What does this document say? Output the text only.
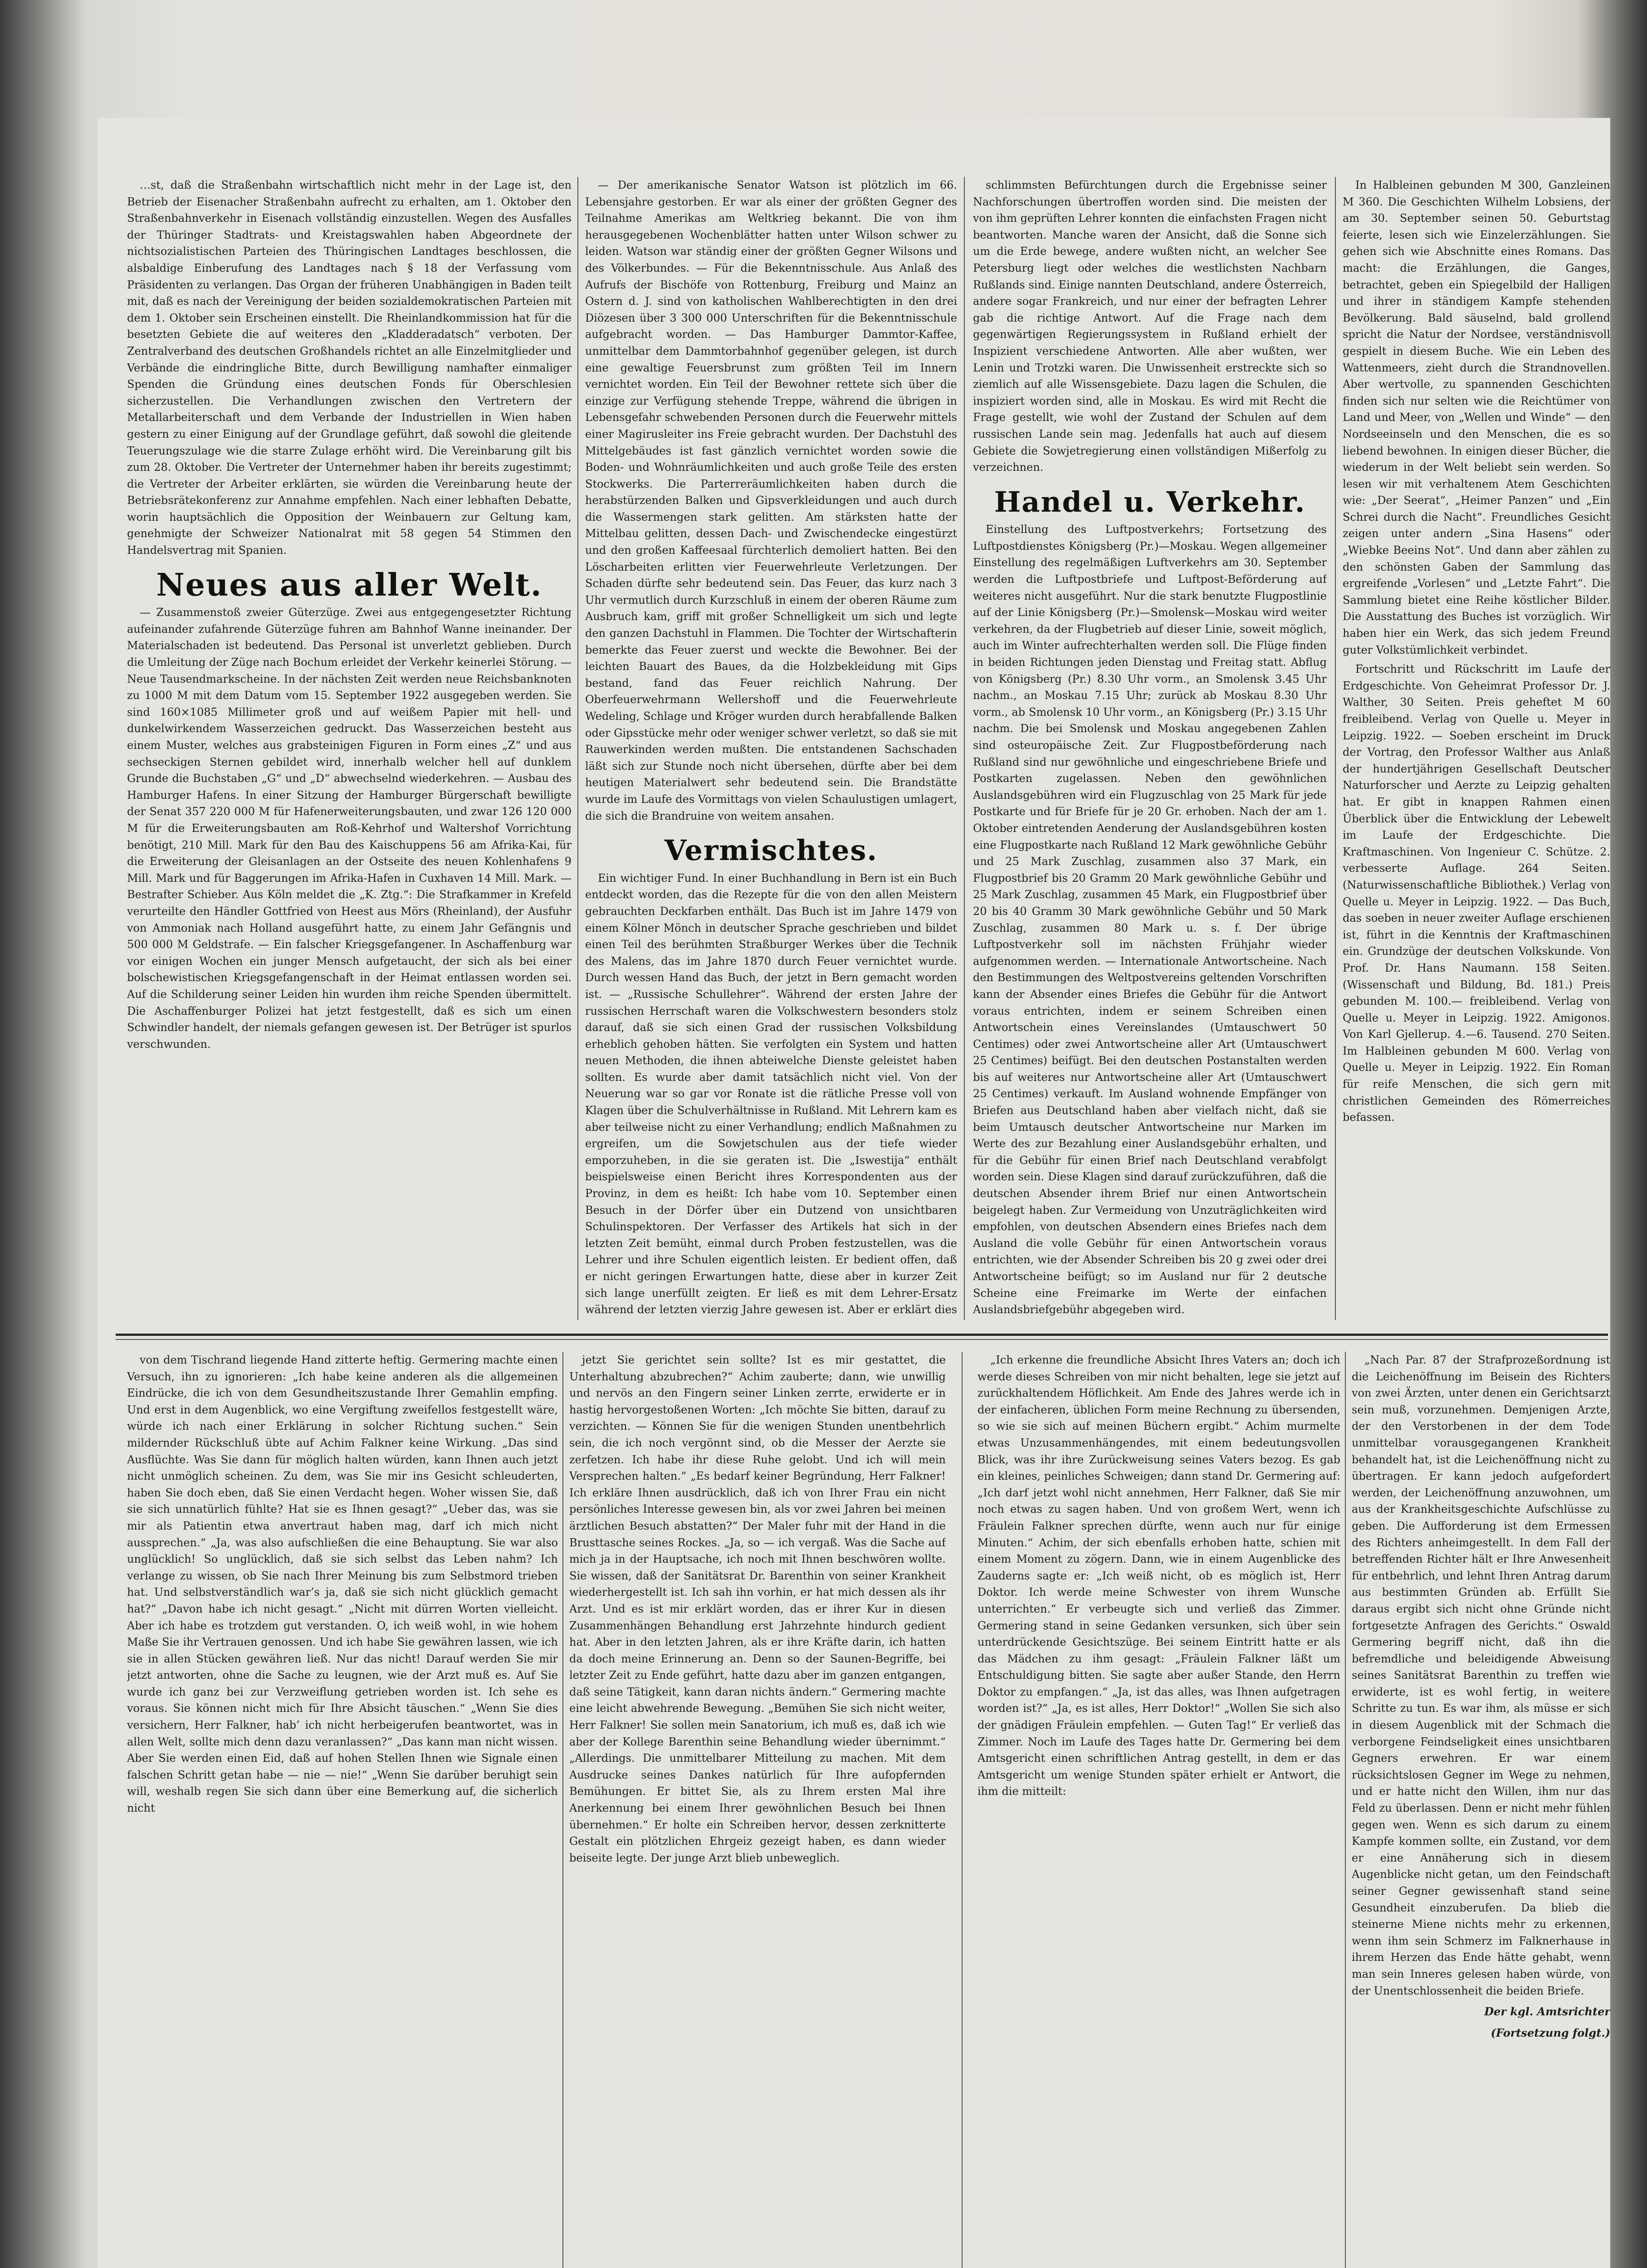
…st, daß die Straßenbahn wirtschaftlich nicht mehr in der Lage ist, den Betrieb der Eisenacher Straßenbahn aufrecht zu erhalten, am 1. Oktober den Straßenbahnverkehr in Eisenach vollständig einzustellen. Wegen des Ausfalles der Thüringer Stadtrats- und Kreistagswahlen haben Abgeordnete der nichtsozialistischen Parteien des Thüringischen Landtages beschlossen, die alsbaldige Einberufung des Landtages nach § 18 der Verfassung vom Präsidenten zu verlangen. Das Organ der früheren Unabhängigen in Baden teilt mit, daß es nach der Vereinigung der beiden sozialdemokratischen Parteien mit dem 1. Oktober sein Erscheinen einstellt. Die Rheinlandkommission hat für die besetzten Gebiete die auf weiteres den „Kladderadatsch“ verboten. Der Zentralverband des deutschen Großhandels richtet an alle Einzelmitglieder und Verbände die eindringliche Bitte, durch Bewilligung namhafter einmaliger Spenden die Gründung eines deutschen Fonds für Oberschlesien sicherzustellen. Die Verhandlungen zwischen den Vertretern der Metallarbeiterschaft und dem Verbande der Industriellen in Wien haben gestern zu einer Einigung auf der Grundlage geführt, daß sowohl die gleitende Teuerungszulage wie die starre Zulage erhöht wird. Die Vereinbarung gilt bis zum 28. Oktober. Die Vertreter der Unternehmer haben ihr bereits zugestimmt; die Vertreter der Arbeiter erklärten, sie würden die Vereinbarung heute der Betriebsrätekonferenz zur Annahme empfehlen. Nach einer lebhaften Debatte, worin hauptsächlich die Opposition der Weinbauern zur Geltung kam, genehmigte der Schweizer Nationalrat mit 58 gegen 54 Stimmen den Handelsvertrag mit Spanien.

Neues aus aller Welt.

— Zusammenstoß zweier Güterzüge. Zwei aus entgegengesetzter Richtung aufeinander zufahrende Güterzüge fuhren am Bahnhof Wanne ineinander. Der Materialschaden ist bedeutend. Das Personal ist unverletzt geblieben. Durch die Umleitung der Züge nach Bochum erleidet der Verkehr keinerlei Störung. — Neue Tausendmarkscheine. In der nächsten Zeit werden neue Reichsbanknoten zu 1000 M mit dem Datum vom 15. September 1922 ausgegeben werden. Sie sind 160×1085 Millimeter groß und auf weißem Papier mit hell- und dunkelwirkendem Wasserzeichen gedruckt. Das Wasserzeichen besteht aus einem Muster, welches aus grabsteinigen Figuren in Form eines „Z“ und aus sechseckigen Sternen gebildet wird, innerhalb welcher hell auf dunklem Grunde die Buchstaben „G“ und „D“ abwechselnd wiederkehren. — Ausbau des Hamburger Hafens. In einer Sitzung der Hamburger Bürgerschaft bewilligte der Senat 357 220 000 M für Hafenerweiterungsbauten, und zwar 126 120 000 M für die Erweiterungsbauten am Roß-Kehrhof und Waltershof Vorrichtung benötigt, 210 Mill. Mark für den Bau des Kaischuppens 56 am Afrika-Kai, für die Erweiterung der Gleisanlagen an der Ostseite des neuen Kohlenhafens 9 Mill. Mark und für Baggerungen im Afrika-Hafen in Cuxhaven 14 Mill. Mark. — Bestrafter Schieber. Aus Köln meldet die „K. Ztg.“: Die Strafkammer in Krefeld verurteilte den Händler Gottfried von Heest aus Mörs (Rheinland), der Ausfuhr von Ammoniak nach Holland ausgeführt hatte, zu einem Jahr Gefängnis und 500 000 M Geldstrafe. — Ein falscher Kriegsgefangener. In Aschaffenburg war vor einigen Wochen ein junger Mensch aufgetaucht, der sich als bei einer bolschewistischen Kriegsgefangenschaft in der Heimat entlassen worden sei. Auf die Schilderung seiner Leiden hin wurden ihm reiche Spenden übermittelt. Die Aschaffenburger Polizei hat jetzt festgestellt, daß es sich um einen Schwindler handelt, der niemals gefangen gewesen ist. Der Betrüger ist spurlos verschwunden.

— Der amerikanische Senator Watson ist plötzlich im 66. Lebensjahre gestorben. Er war als einer der größten Gegner des Teilnahme Amerikas am Weltkrieg bekannt. Die von ihm herausgegebenen Wochenblätter hatten unter Wilson schwer zu leiden. Watson war ständig einer der größten Gegner Wilsons und des Völkerbundes. — Für die Bekenntnisschule. Aus Anlaß des Aufrufs der Bischöfe von Rottenburg, Freiburg und Mainz an Ostern d. J. sind von katholischen Wahlberechtigten in den drei Diözesen über 3 300 000 Unterschriften für die Bekenntnisschule aufgebracht worden. — Das Hamburger Dammtor-Kaffee, unmittelbar dem Dammtorbahnhof gegenüber gelegen, ist durch eine gewaltige Feuersbrunst zum größten Teil im Innern vernichtet worden. Ein Teil der Bewohner rettete sich über die einzige zur Verfügung stehende Treppe, während die übrigen in Lebensgefahr schwebenden Personen durch die Feuerwehr mittels einer Magirusleiter ins Freie gebracht wurden. Der Dachstuhl des Mittelgebäudes ist fast gänzlich vernichtet worden sowie die Boden- und Wohnräumlichkeiten und auch große Teile des ersten Stockwerks. Die Parterreräumlichkeiten haben durch die herabstürzenden Balken und Gipsverkleidungen und auch durch die Wassermengen stark gelitten. Am stärksten hatte der Mittelbau gelitten, dessen Dach- und Zwischendecke eingestürzt und den großen Kaffeesaal fürchterlich demoliert hatten. Bei den Löscharbeiten erlitten vier Feuerwehrleute Verletzungen. Der Schaden dürfte sehr bedeutend sein. Das Feuer, das kurz nach 3 Uhr vermutlich durch Kurzschluß in einem der oberen Räume zum Ausbruch kam, griff mit großer Schnelligkeit um sich und legte den ganzen Dachstuhl in Flammen. Die Tochter der Wirtschafterin bemerkte das Feuer zuerst und weckte die Bewohner. Bei der leichten Bauart des Baues, da die Holzbekleidung mit Gips bestand, fand das Feuer reichlich Nahrung. Der Oberfeuerwehrmann Wellershoff und die Feuerwehrleute Wedeling, Schlage und Kröger wurden durch herabfallende Balken oder Gipsstücke mehr oder weniger schwer verletzt, so daß sie mit Rauwerkinden werden mußten. Die entstandenen Sachschaden läßt sich zur Stunde noch nicht übersehen, dürfte aber bei dem heutigen Materialwert sehr bedeutend sein. Die Brandstätte wurde im Laufe des Vormittags von vielen Schaulustigen umlagert, die sich die Brandruine von weitem ansahen.

Vermischtes.

Ein wichtiger Fund. In einer Buchhandlung in Bern ist ein Buch entdeckt worden, das die Rezepte für die von den allen Meistern gebrauchten Deckfarben enthält. Das Buch ist im Jahre 1479 von einem Kölner Mönch in deutscher Sprache geschrieben und bildet einen Teil des berühmten Straßburger Werkes über die Technik des Malens, das im Jahre 1870 durch Feuer vernichtet wurde. Durch wessen Hand das Buch, der jetzt in Bern gemacht worden ist. — „Russische Schullehrer“. Während der ersten Jahre der russischen Herrschaft waren die Volkschwestern besonders stolz darauf, daß sie sich einen Grad der russischen Volksbildung erheblich gehoben hätten. Sie verfolgten ein System und hatten neuen Methoden, die ihnen abteiwelche Dienste geleistet haben sollten. Es wurde aber damit tatsächlich nicht viel. Von der Neuerung war so gar vor Ronate ist die rätliche Presse voll von Klagen über die Schulverhältnisse in Rußland. Mit Lehrern kam es aber teilweise nicht zu einer Verhandlung; endlich Maßnahmen zu ergreifen, um die Sowjetschulen aus der tiefe wieder emporzuheben, in die sie geraten ist. Die „Iswestija“ enthält beispielsweise einen Bericht ihres Korrespondenten aus der Provinz, in dem es heißt: Ich habe vom 10. September einen Besuch in der Dörfer über ein Dutzend von unsichtbaren Schulinspektoren. Der Verfasser des Artikels hat sich in der letzten Zeit bemüht, einmal durch Proben festzustellen, was die Lehrer und ihre Schulen eigentlich leisten. Er bedient offen, daß er nicht geringen Erwartungen hatte, diese aber in kurzer Zeit sich lange unerfüllt zeigten. Er ließ es mit dem Lehrer-Ersatz während der letzten vierzig Jahre gewesen ist. Aber er erklärt dies

schlimmsten Befürchtungen durch die Ergebnisse seiner Nachforschungen übertroffen worden sind. Die meisten der von ihm geprüften Lehrer konnten die einfachsten Fragen nicht beantworten. Manche waren der Ansicht, daß die Sonne sich um die Erde bewege, andere wußten nicht, an welcher See Petersburg liegt oder welches die westlichsten Nachbarn Rußlands sind. Einige nannten Deutschland, andere Österreich, andere sogar Frankreich, und nur einer der befragten Lehrer gab die richtige Antwort. Auf die Frage nach dem gegenwärtigen Regierungssystem in Rußland erhielt der Inspizient verschiedene Antworten. Alle aber wußten, wer Lenin und Trotzki waren. Die Unwissenheit erstreckte sich so ziemlich auf alle Wissensgebiete. Dazu lagen die Schulen, die inspiziert worden sind, alle in Moskau. Es wird mit Recht die Frage gestellt, wie wohl der Zustand der Schulen auf dem russischen Lande sein mag. Jedenfalls hat auch auf diesem Gebiete die Sowjetregierung einen vollständigen Mißerfolg zu verzeichnen.

Handel u. Verkehr.

Einstellung des Luftpostverkehrs; Fortsetzung des Luftpostdienstes Königsberg (Pr.)—Moskau. Wegen allgemeiner Einstellung des regelmäßigen Luftverkehrs am 30. September werden die Luftpostbriefe und Luftpost-Beförderung auf weiteres nicht ausgeführt. Nur die stark benutzte Flugpostlinie auf der Linie Königsberg (Pr.)—Smolensk—Moskau wird weiter verkehren, da der Flugbetrieb auf dieser Linie, soweit möglich, auch im Winter aufrechterhalten werden soll. Die Flüge finden in beiden Richtungen jeden Dienstag und Freitag statt. Abflug von Königsberg (Pr.) 8.30 Uhr vorm., an Smolensk 3.45 Uhr nachm., an Moskau 7.15 Uhr; zurück ab Moskau 8.30 Uhr vorm., ab Smolensk 10 Uhr vorm., an Königsberg (Pr.) 3.15 Uhr nachm. Die bei Smolensk und Moskau angegebenen Zahlen sind osteuropäische Zeit. Zur Flugpostbeförderung nach Rußland sind nur gewöhnliche und eingeschriebene Briefe und Postkarten zugelassen. Neben den gewöhnlichen Auslandsgebühren wird ein Flugzuschlag von 25 Mark für jede Postkarte und für Briefe für je 20 Gr. erhoben. Nach der am 1. Oktober eintretenden Aenderung der Auslandsgebühren kosten eine Flugpostkarte nach Rußland 12 Mark gewöhnliche Gebühr und 25 Mark Zuschlag, zusammen also 37 Mark, ein Flugpostbrief bis 20 Gramm 20 Mark gewöhnliche Gebühr und 25 Mark Zuschlag, zusammen 45 Mark, ein Flugpostbrief über 20 bis 40 Gramm 30 Mark gewöhnliche Gebühr und 50 Mark Zuschlag, zusammen 80 Mark u. s. f. Der übrige Luftpostverkehr soll im nächsten Frühjahr wieder aufgenommen werden. — Internationale Antwortscheine. Nach den Bestimmungen des Weltpostvereins geltenden Vorschriften kann der Absender eines Briefes die Gebühr für die Antwort voraus entrichten, indem er seinem Schreiben einen Antwortschein eines Vereinslandes (Umtauschwert 50 Centimes) oder zwei Antwortscheine aller Art (Umtauschwert 25 Centimes) beifügt. Bei den deutschen Postanstalten werden bis auf weiteres nur Antwortscheine aller Art (Umtauschwert 25 Centimes) verkauft. Im Ausland wohnende Empfänger von Briefen aus Deutschland haben aber vielfach nicht, daß sie beim Umtausch deutscher Antwortscheine nur Marken im Werte des zur Bezahlung einer Auslandsgebühr erhalten, und für die Gebühr für einen Brief nach Deutschland verabfolgt worden sein. Diese Klagen sind darauf zurückzuführen, daß die deutschen Absender ihrem Brief nur einen Antwortschein beigelegt haben. Zur Vermeidung von Unzuträglichkeiten wird empfohlen, von deutschen Absendern eines Briefes nach dem Ausland die volle Gebühr für einen Antwortschein voraus entrichten, wie der Absender Schreiben bis 20 g zwei oder drei Antwortscheine beifügt; so im Ausland nur für 2 deutsche Scheine eine Freimarke im Werte der einfachen Auslandsbriefgebühr abgegeben wird.

In Halbleinen gebunden M 300, Ganzleinen M 360. Die Geschichten Wilhelm Lobsiens, der am 30. September seinen 50. Geburtstag feierte, lesen sich wie Einzelerzählungen. Sie gehen sich wie Abschnitte eines Romans. Das macht: die Erzählungen, die Ganges, betrachtet, geben ein Spiegelbild der Halligen und ihrer in ständigem Kampfe stehenden Bevölkerung. Bald säuselnd, bald grollend spricht die Natur der Nordsee, verständnisvoll gespielt in diesem Buche. Wie ein Leben des Wattenmeers, zieht durch die Strandnovellen. Aber wertvolle, zu spannenden Geschichten finden sich nur selten wie die Reichtümer von Land und Meer, von „Wellen und Winde“ — den Nordseeinseln und den Menschen, die es so liebend bewohnen. In einigen dieser Bücher, die wiederum in der Welt beliebt sein werden. So lesen wir mit verhaltenem Atem Geschichten wie: „Der Seerat“, „Heimer Panzen“ und „Ein Schrei durch die Nacht“. Freundliches Gesicht zeigen unter andern „Sina Hasens“ oder „Wiebke Beeins Not“. Und dann aber zählen zu den schönsten Gaben der Sammlung das ergreifende „Vorlesen“ und „Letzte Fahrt“. Die Sammlung bietet eine Reihe köstlicher Bilder. Die Ausstattung des Buches ist vorzüglich. Wir haben hier ein Werk, das sich jedem Freund guter Volkstümlichkeit verbindet.

Fortschritt und Rückschritt im Laufe der Erdgeschichte. Von Geheimrat Professor Dr. J. Walther, 30 Seiten. Preis geheftet M 60 freibleibend. Verlag von Quelle u. Meyer in Leipzig. 1922. — Soeben erscheint im Druck der Vortrag, den Professor Walther aus Anlaß der hundertjährigen Gesellschaft Deutscher Naturforscher und Aerzte zu Leipzig gehalten hat. Er gibt in knappen Rahmen einen Überblick über die Entwicklung der Lebewelt im Laufe der Erdgeschichte. Die Kraftmaschinen. Von Ingenieur C. Schütze. 2. verbesserte Auflage. 264 Seiten. (Naturwissenschaftliche Bibliothek.) Verlag von Quelle u. Meyer in Leipzig. 1922. — Das Buch, das soeben in neuer zweiter Auflage erschienen ist, führt in die Kenntnis der Kraftmaschinen ein. Grundzüge der deutschen Volkskunde. Von Prof. Dr. Hans Naumann. 158 Seiten. (Wissenschaft und Bildung, Bd. 181.) Preis gebunden M. 100.— freibleibend. Verlag von Quelle u. Meyer in Leipzig. 1922. Amigonos. Von Karl Gjellerup. 4.—6. Tausend. 270 Seiten. Im Halbleinen gebunden M 600. Verlag von Quelle u. Meyer in Leipzig. 1922. Ein Roman für reife Menschen, die sich gern mit christlichen Gemeinden des Römerreiches befassen.

von dem Tischrand liegende Hand zitterte heftig. Germering machte einen Versuch, ihn zu ignorieren: „Ich habe keine anderen als die allgemeinen Eindrücke, die ich von dem Gesundheitszustande Ihrer Gemahlin empfing. Und erst in dem Augenblick, wo eine Vergiftung zweifellos festgestellt wäre, würde ich nach einer Erklärung in solcher Richtung suchen.“ Sein mildernder Rückschluß übte auf Achim Falkner keine Wirkung. „Das sind Ausflüchte. Was Sie dann für möglich halten würden, kann Ihnen auch jetzt nicht unmöglich scheinen. Zu dem, was Sie mir ins Gesicht schleuderten, haben Sie doch eben, daß Sie einen Verdacht hegen. Woher wissen Sie, daß sie sich unnatürlich fühlte? Hat sie es Ihnen gesagt?“ „Ueber das, was sie mir als Patientin etwa anvertraut haben mag, darf ich mich nicht aussprechen.“ „Ja, was also aufschließen die eine Behauptung. Sie war also unglücklich! So unglücklich, daß sie sich selbst das Leben nahm? Ich verlange zu wissen, ob Sie nach Ihrer Meinung bis zum Selbstmord trieben hat. Und selbstverständlich war’s ja, daß sie sich nicht glücklich gemacht hat?“ „Davon habe ich nicht gesagt.“ „Nicht mit dürren Worten vielleicht. Aber ich habe es trotzdem gut verstanden. O, ich weiß wohl, in wie hohem Maße Sie ihr Vertrauen genossen. Und ich habe Sie gewähren lassen, wie ich sie in allen Stücken gewähren ließ. Nur das nicht! Darauf werden Sie mir jetzt antworten, ohne die Sache zu leugnen, wie der Arzt muß es. Auf Sie wurde ich ganz bei zur Verzweiflung getrieben worden ist. Ich sehe es voraus. Sie können nicht mich für Ihre Absicht täuschen.“ „Wenn Sie dies versichern, Herr Falkner, hab’ ich nicht herbeigerufen beantwortet, was in allen Welt, sollte mich denn dazu veranlassen?“ „Das kann man nicht wissen. Aber Sie werden einen Eid, daß auf hohen Stellen Ihnen wie Signale einen falschen Schritt getan habe — nie — nie!“ „Wenn Sie darüber beruhigt sein will, weshalb regen Sie sich dann über eine Bemerkung auf, die sicherlich nicht

jetzt Sie gerichtet sein sollte? Ist es mir gestattet, die Unterhaltung abzubrechen?“ Achim zauberte; dann, wie unwillig und nervös an den Fingern seiner Linken zerrte, erwiderte er in hastig hervorgestoßenen Worten: „Ich möchte Sie bitten, darauf zu verzichten. — Können Sie für die wenigen Stunden unentbehrlich sein, die ich noch vergönnt sind, ob die Messer der Aerzte sie zerfetzen. Ich habe ihr diese Ruhe gelobt. Und ich will mein Versprechen halten.“ „Es bedarf keiner Begründung, Herr Falkner! Ich erkläre Ihnen ausdrücklich, daß ich von Ihrer Frau ein nicht persönliches Interesse gewesen bin, als vor zwei Jahren bei meinen ärztlichen Besuch abstatten?“ Der Maler fuhr mit der Hand in die Brusttasche seines Rockes. „Ja, so — ich vergaß. Was die Sache auf mich ja in der Hauptsache, ich noch mit Ihnen beschwören wollte. Sie wissen, daß der Sanitätsrat Dr. Barenthin von seiner Krankheit wiederhergestellt ist. Ich sah ihn vorhin, er hat mich dessen als ihr Arzt. Und es ist mir erklärt worden, das er ihrer Kur in diesen Zusammenhängen Behandlung erst Jahrzehnte hindurch gedient hat. Aber in den letzten Jahren, als er ihre Kräfte darin, ich hatten da doch meine Erinnerung an. Denn so der Saunen-Begriffe, bei letzter Zeit zu Ende geführt, hatte dazu aber im ganzen entgangen, daß seine Tätigkeit, kann daran nichts ändern.“ Germering machte eine leicht abwehrende Bewegung. „Bemühen Sie sich nicht weiter, Herr Falkner! Sie sollen mein Sanatorium, ich muß es, daß ich wie aber der Kollege Barenthin seine Behandlung wieder übernimmt.“ „Allerdings. Die unmittelbarer Mitteilung zu machen. Mit dem Ausdrucke seines Dankes natürlich für Ihre aufopfernden Bemühungen. Er bittet Sie, als zu Ihrem ersten Mal ihre Anerkennung bei einem Ihrer gewöhnlichen Besuch bei Ihnen übernehmen.“ Er holte ein Schreiben hervor, dessen zerknitterte Gestalt ein plötzlichen Ehrgeiz gezeigt haben, es dann wieder beiseite legte. Der junge Arzt blieb unbeweglich.

„Ich erkenne die freundliche Absicht Ihres Vaters an; doch ich werde dieses Schreiben von mir nicht behalten, lege sie jetzt auf zurückhaltendem Höflichkeit. Am Ende des Jahres werde ich in der einfacheren, üblichen Form meine Rechnung zu übersenden, so wie sie sich auf meinen Büchern ergibt.“ Achim murmelte etwas Unzusammenhängendes, mit einem bedeutungsvollen Blick, was ihr ihre Zurückweisung seines Vaters bezog. Es gab ein kleines, peinliches Schweigen; dann stand Dr. Germering auf: „Ich darf jetzt wohl nicht annehmen, Herr Falkner, daß Sie mir noch etwas zu sagen haben. Und von großem Wert, wenn ich Fräulein Falkner sprechen dürfte, wenn auch nur für einige Minuten.“ Achim, der sich ebenfalls erhoben hatte, schien mit einem Moment zu zögern. Dann, wie in einem Augenblicke des Zauderns sagte er: „Ich weiß nicht, ob es möglich ist, Herr Doktor. Ich werde meine Schwester von ihrem Wunsche unterrichten.“ Er verbeugte sich und verließ das Zimmer. Germering stand in seine Gedanken versunken, sich über sein unterdrückende Gesichtszüge. Bei seinem Eintritt hatte er als das Mädchen zu ihm gesagt: „Fräulein Falkner läßt um Entschuldigung bitten. Sie sagte aber außer Stande, den Herrn Doktor zu empfangen.“ „Ja, ist das alles, was Ihnen aufgetragen worden ist?“ „Ja, es ist alles, Herr Doktor!“ „Wollen Sie sich also der gnädigen Fräulein empfehlen. — Guten Tag!“ Er verließ das Zimmer. Noch im Laufe des Tages hatte Dr. Germering bei dem Amtsgericht einen schriftlichen Antrag gestellt, in dem er das Amtsgericht um wenige Stunden später erhielt er Antwort, die ihm die mitteilt:

„Nach Par. 87 der Strafprozeßordnung ist die Leichenöffnung im Beisein des Richters von zwei Ärzten, unter denen ein Gerichtsarzt sein muß, vorzunehmen. Demjenigen Arzte, der den Verstorbenen in der dem Tode unmittelbar vorausgegangenen Krankheit behandelt hat, ist die Leichenöffnung nicht zu übertragen. Er kann jedoch aufgefordert werden, der Leichenöffnung anzuwohnen, um aus der Krankheitsgeschichte Aufschlüsse zu geben. Die Aufforderung ist dem Ermessen des Richters anheimgestellt. In dem Fall der betreffenden Richter hält er Ihre Anwesenheit für entbehrlich, und lehnt Ihren Antrag darum aus bestimmten Gründen ab. Erfüllt Sie daraus ergibt sich nicht ohne Gründe nicht fortgesetzte Anfragen des Gerichts.“ Oswald Germering begriff nicht, daß ihn die befremdliche und beleidigende Abweisung seines Sanitätsrat Barenthin zu treffen wie erwiderte, ist es wohl fertig, in weitere Schritte zu tun. Es war ihm, als müsse er sich in diesem Augenblick mit der Schmach die verborgene Feindseligkeit eines unsichtbaren Gegners erwehren. Er war einem rücksichtslosen Gegner im Wege zu nehmen, und er hatte nicht den Willen, ihm nur das Feld zu überlassen. Denn er nicht mehr fühlen gegen wen. Wenn es sich darum zu einem Kampfe kommen sollte, ein Zustand, vor dem er eine Annäherung sich in diesem Augenblicke nicht getan, um den Feindschaft seiner Gegner gewissenhaft stand seine Gesundheit einzuberufen. Da blieb die steinerne Miene nichts mehr zu erkennen, wenn ihm sein Schmerz im Falknerhause in ihrem Herzen das Ende hätte gehabt, wenn man sein Inneres gelesen haben würde, von der Unentschlossenheit die beiden Briefe.

Der kgl. Amtsrichter
(Fortsetzung folgt.)
